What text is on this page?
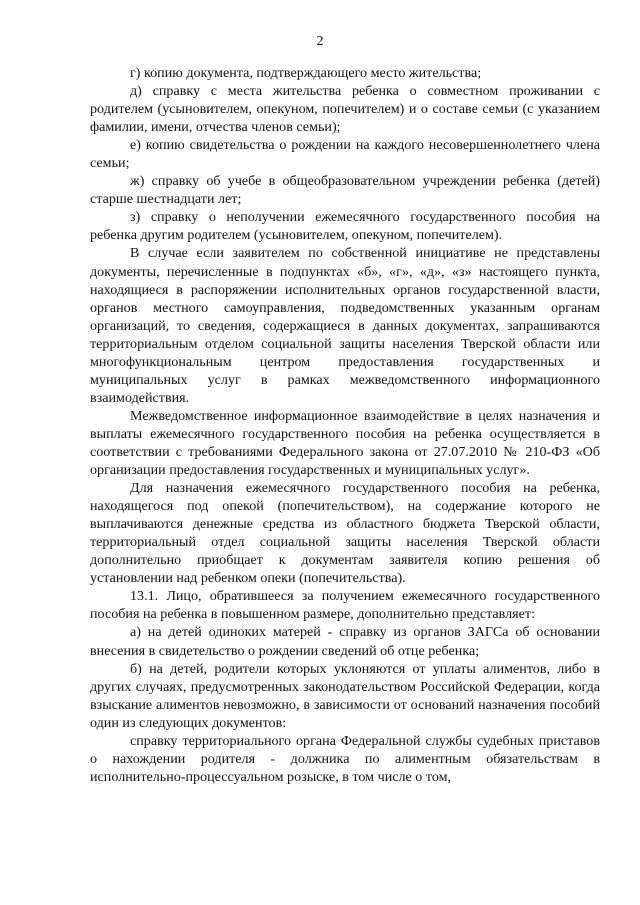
2

г) копию документа, подтверждающего место жительства;

д) справку с места жительства ребенка о совместном проживании с родителем (усыновителем, опекуном, попечителем) и о составе семьи (с указанием фамилии, имени, отчества членов семьи);

е) копию свидетельства о рождении на каждого несовершеннолетнего члена семьи;

ж) справку об учебе в общеобразовательном учреждении ребенка (детей) старше шестнадцати лет;

з) справку о неполучении ежемесячного государственного пособия на ребенка другим родителем (усыновителем, опекуном, попечителем).

В случае если заявителем по собственной инициативе не представлены документы, перечисленные в подпунктах «б», «г», «д», «з» настоящего пункта, находящиеся в распоряжении исполнительных органов государственной власти, органов местного самоуправления, подведомственных указанным органам организаций, то сведения, содержащиеся в данных документах, запрашиваются территориальным отделом социальной защиты населения Тверской области или многофункциональным центром предоставления государственных и муниципальных услуг в рамках межведомственного информационного взаимодействия.

Межведомственное информационное взаимодействие в целях назначения и выплаты ежемесячного государственного пособия на ребенка осуществляется в соответствии с требованиями Федерального закона от 27.07.2010 № 210-ФЗ «Об организации предоставления государственных и муниципальных услуг».

Для назначения ежемесячного государственного пособия на ребенка, находящегося под опекой (попечительством), на содержание которого не выплачиваются денежные средства из областного бюджета Тверской области, территориальный отдел социальной защиты населения Тверской области дополнительно приобщает к документам заявителя копию решения об установлении над ребенком опеки (попечительства).

13.1. Лицо, обратившееся за получением ежемесячного государственного пособия на ребенка в повышенном размере, дополнительно представляет:

а) на детей одиноких матерей - справку из органов ЗАГСа об основании внесения в свидетельство о рождении сведений об отце ребенка;

б) на детей, родители которых уклоняются от уплаты алиментов, либо в других случаях, предусмотренных законодательством Российской Федерации, когда взыскание алиментов невозможно, в зависимости от оснований назначения пособий один из следующих документов:

справку территориального органа Федеральной службы судебных приставов о нахождении родителя - должника по алиментным обязательствам в исполнительно-процессуальном розыске, в том числе о том,
